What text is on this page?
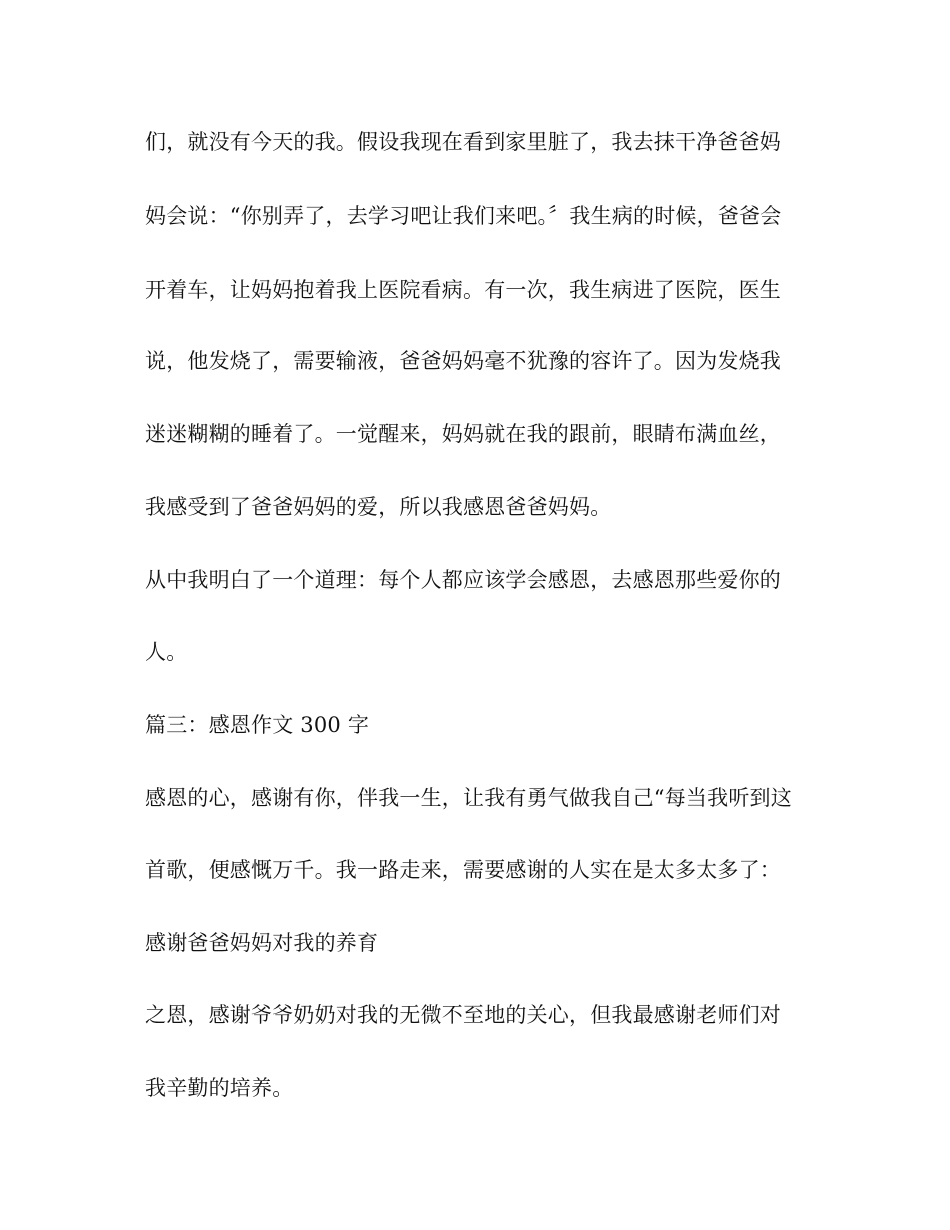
们，就没有今天的我。假设我现在看到家里脏了，我去抹干净爸爸妈
妈会说：“你别弄了，去学习吧让我们来吧。〞我生病的时候，爸爸会
开着车，让妈妈抱着我上医院看病。有一次，我生病进了医院，医生
说，他发烧了，需要输液，爸爸妈妈毫不犹豫的容许了。因为发烧我
迷迷糊糊的睡着了。一觉醒来，妈妈就在我的跟前，眼睛布满血丝，
我感受到了爸爸妈妈的爱，所以我感恩爸爸妈妈。
从中我明白了一个道理：每个人都应该学会感恩，去感恩那些爱你的
人。
篇三：感恩作文 300 字
感恩的心，感谢有你，伴我一生，让我有勇气做我自己“每当我听到这
首歌，便感慨万千。我一路走来，需要感谢的人实在是太多太多了：
感谢爸爸妈妈对我的养育
之恩，感谢爷爷奶奶对我的无微不至地的关心，但我最感谢老师们对
我辛勤的培养。
